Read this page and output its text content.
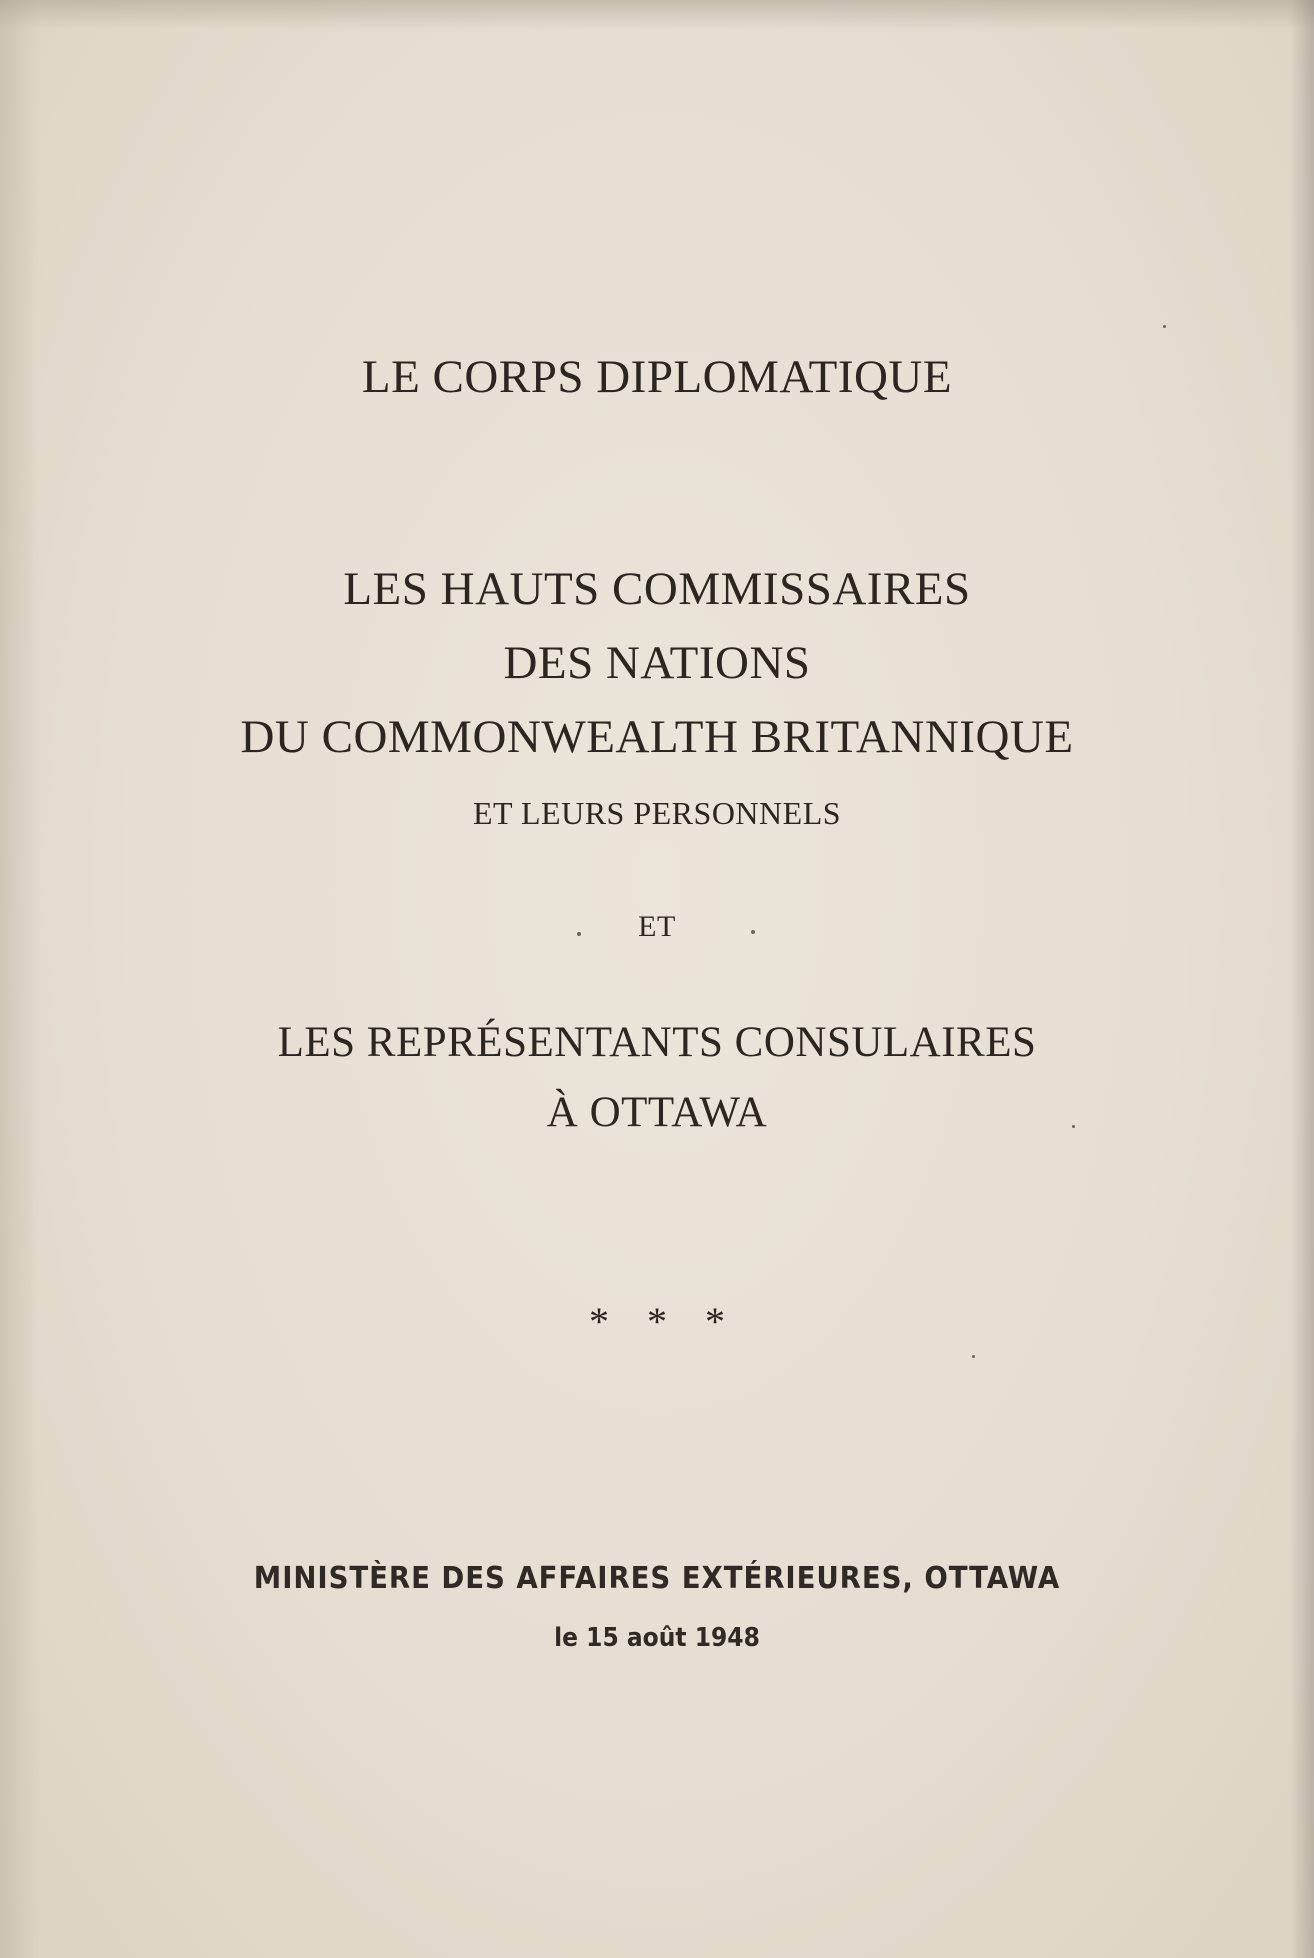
LE CORPS DIPLOMATIQUE
LES HAUTS COMMISSAIRES
DES NATIONS
DU COMMONWEALTH BRITANNIQUE
ET LEURS PERSONNELS
ET
LES REPRÉSENTANTS CONSULAIRES
À OTTAWA
***
MINISTÈRE DES AFFAIRES EXTÉRIEURES, OTTAWA
le 15 août 1948
